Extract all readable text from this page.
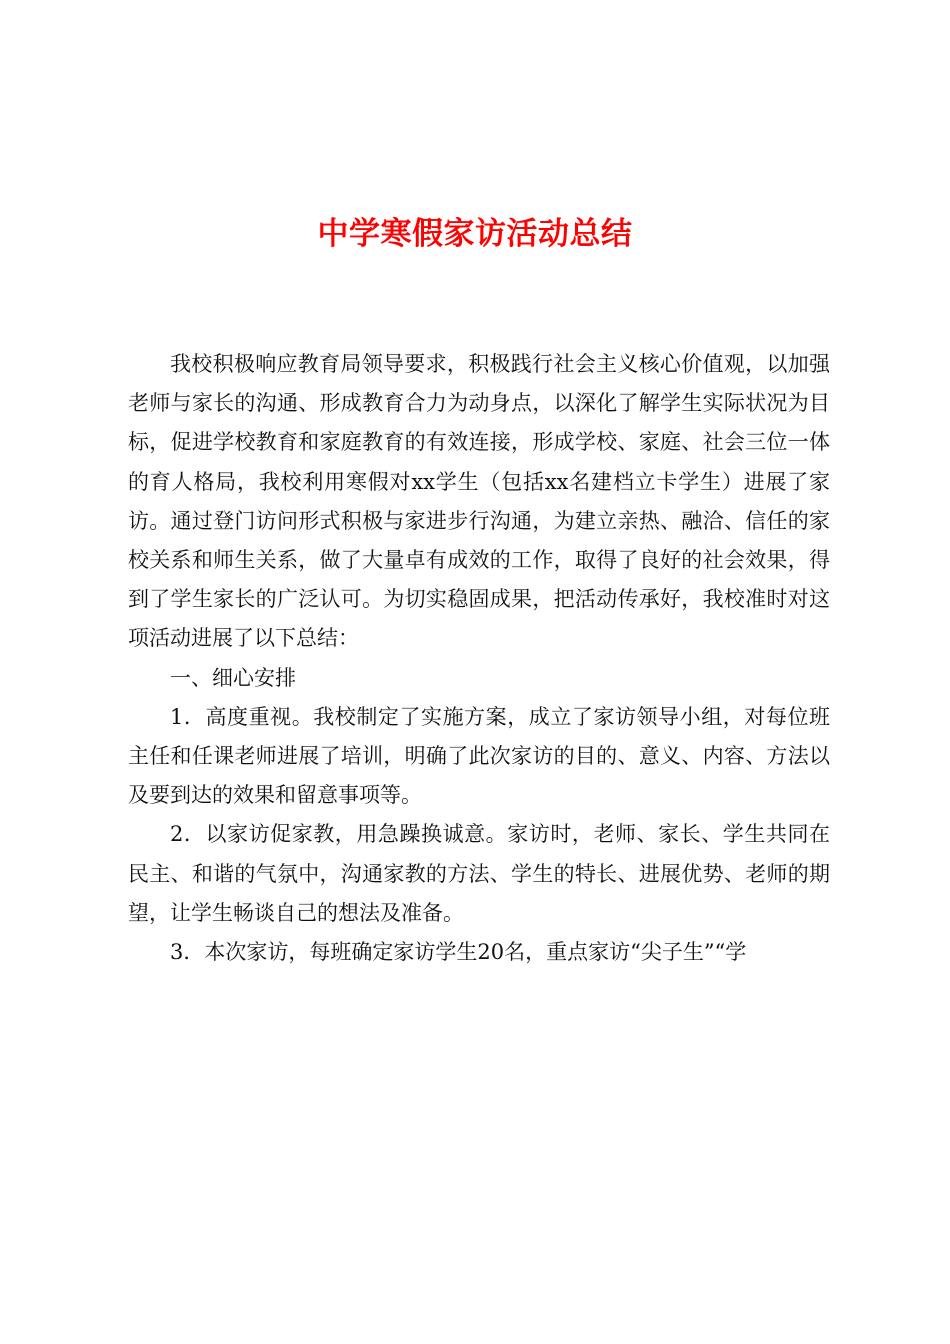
中学寒假家访活动总结

我校积极响应教育局领导要求，积极践行社会主义核心价值观，以加强老师与家长的沟通、形成教育合力为动身点，以深化了解学生实际状况为目标，促进学校教育和家庭教育的有效连接，形成学校、家庭、社会三位一体的育人格局，我校利用寒假对xx学生（包括xx名建档立卡学生）进展了家访。通过登门访问形式积极与家进步行沟通，为建立亲热、融洽、信任的家校关系和师生关系，做了大量卓有成效的工作，取得了良好的社会效果，得到了学生家长的广泛认可。为切实稳固成果，把活动传承好，我校准时对这项活动进展了以下总结：

一、细心安排

1．高度重视。我校制定了实施方案，成立了家访领导小组，对每位班主任和任课老师进展了培训，明确了此次家访的目的、意义、内容、方法以及要到达的效果和留意事项等。

2．以家访促家教，用急躁换诚意。家访时，老师、家长、学生共同在民主、和谐的气氛中，沟通家教的方法、学生的特长、进展优势、老师的期望，让学生畅谈自己的想法及准备。

3．本次家访，每班确定家访学生20名，重点家访“尖子生”“学
